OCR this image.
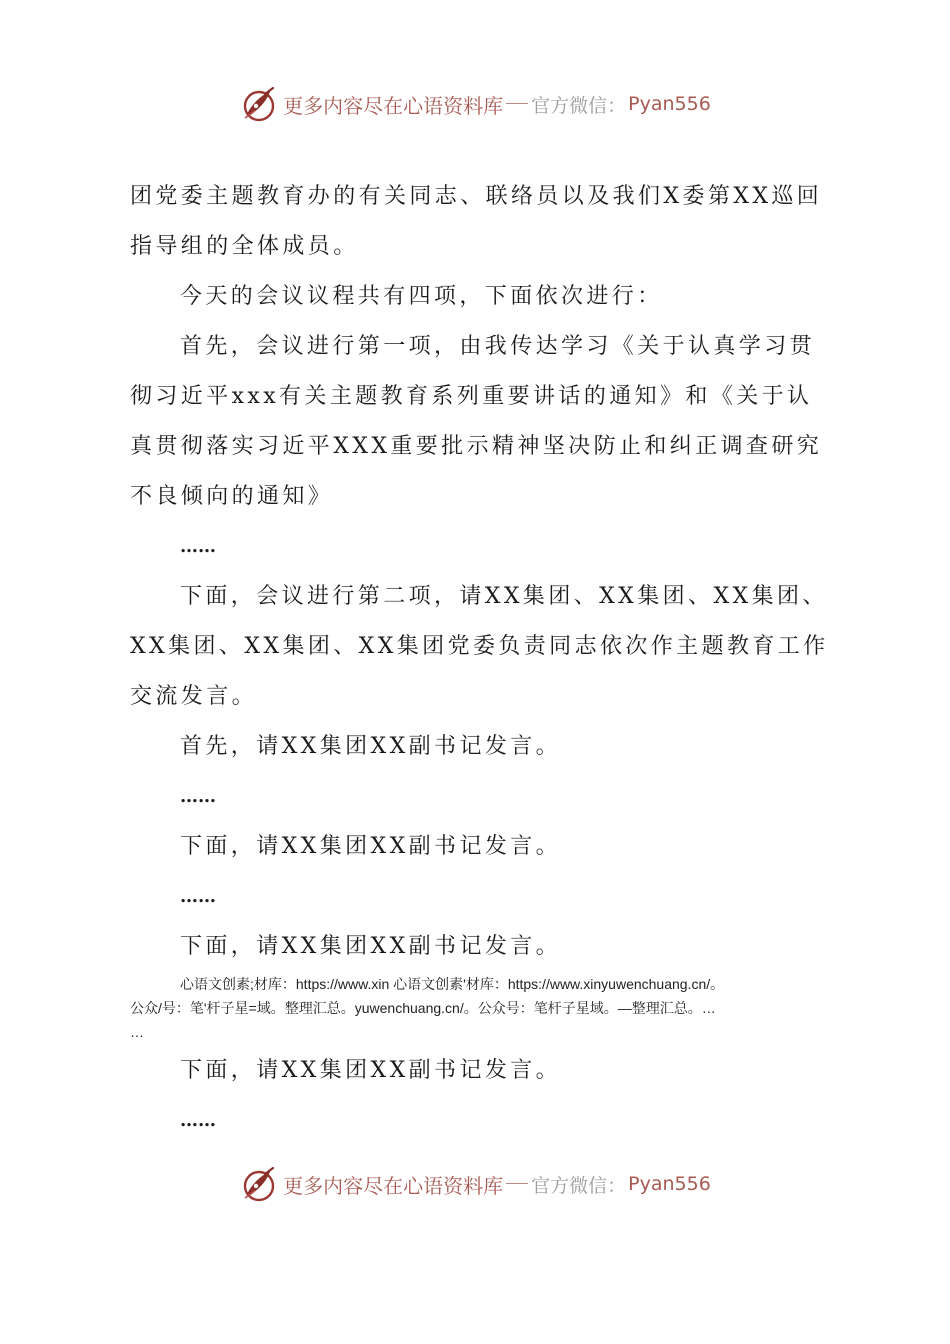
更多内容尽在心语资料库 官方微信： Pyan556

团党委主题教育办的有关同志、联络员以及我们X委第XX巡回指导组的全体成员。

今天的会议议程共有四项，下面依次进行：

首先，会议进行第一项，由我传达学习《关于认真学习贯彻习近平xxx有关主题教育系列重要讲话的通知》和《关于认真贯彻落实习近平XXX重要批示精神坚决防止和纠正调查研究不良倾向的通知》

……

下面，会议进行第二项，请XX集团、XX集团、XX集团、XX集团、XX集团、XX集团党委负责同志依次作主题教育工作交流发言。

首先，请XX集团XX副书记发言。

……

下面，请XX集团XX副书记发言。

……

下面，请XX集团XX副书记发言。

心语文创素;材库：https://www.xin 心语文创素'材库：https://www.xinyuwenchuang.cn/。
公众/号：笔'杆子星=域。整理汇总。yuwenchuang.cn/。公众号：笔杆子星域。—整理汇总。…
…

下面，请XX集团XX副书记发言。

……

更多内容尽在心语资料库 官方微信： Pyan556
